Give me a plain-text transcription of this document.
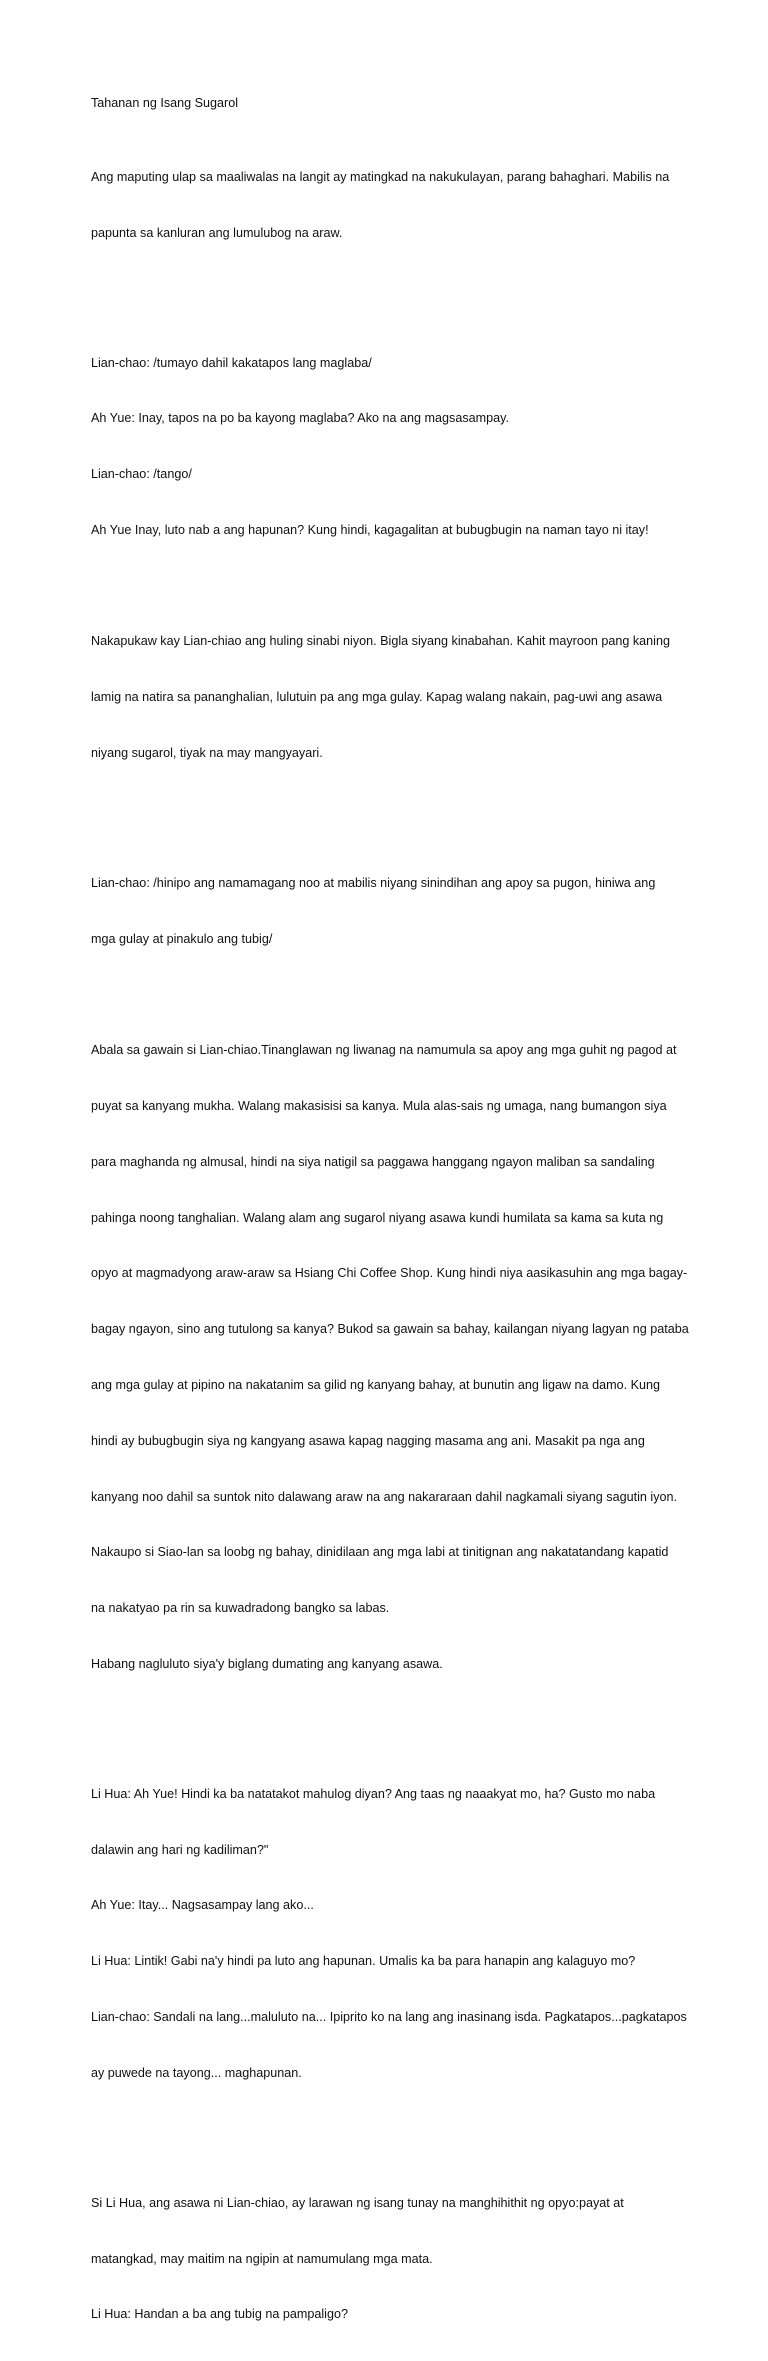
Tahanan ng Isang Sugarol

Ang maputing ulap sa maaliwalas na langit ay matingkad na nakukulayan, parang bahaghari. Mabilis na

papunta sa kanluran ang lumulubog na araw.

Lian-chao: /tumayo dahil kakatapos lang maglaba/

Ah Yue: Inay, tapos na po ba kayong maglaba? Ako na ang magsasampay.

Lian-chao: /tango/

Ah Yue Inay, luto nab a ang hapunan? Kung hindi, kagagalitan at bubugbugin na naman tayo ni itay!

Nakapukaw kay Lian-chiao ang huling sinabi niyon. Bigla siyang kinabahan. Kahit mayroon pang kaning

lamig na natira sa pananghalian, lulutuin pa ang mga gulay. Kapag walang nakain, pag-uwi ang asawa

niyang sugarol, tiyak na may mangyayari.

Lian-chao: /hinipo ang namamagang noo at mabilis niyang sinindihan ang apoy sa pugon, hiniwa ang

mga gulay at pinakulo ang tubig/

Abala sa gawain si Lian-chiao.Tinanglawan ng liwanag na namumula sa apoy ang mga guhit ng pagod at

puyat sa kanyang mukha. Walang makasisisi sa kanya. Mula alas-sais ng umaga, nang bumangon siya

para maghanda ng almusal, hindi na siya natigil sa paggawa hanggang ngayon maliban sa sandaling

pahinga noong tanghalian. Walang alam ang sugarol niyang asawa kundi humilata sa kama sa kuta ng

opyo at magmadyong araw-araw sa Hsiang Chi Coffee Shop. Kung hindi niya aasikasuhin ang mga bagay-

bagay ngayon, sino ang tutulong sa kanya? Bukod sa gawain sa bahay, kailangan niyang lagyan ng pataba

ang mga gulay at pipino na nakatanim sa gilid ng kanyang bahay, at bunutin ang ligaw na damo. Kung

hindi ay bubugbugin siya ng kangyang asawa kapag nagging masama ang ani. Masakit pa nga ang

kanyang noo dahil sa suntok nito dalawang araw na ang nakararaan dahil nagkamali siyang sagutin iyon.

Nakaupo si Siao-lan sa loobg ng bahay, dinidilaan ang mga labi at tinitignan ang nakatatandang kapatid

na nakatyao pa rin sa kuwadradong bangko sa labas.

Habang nagluluto siya'y biglang dumating ang kanyang asawa.

Li Hua: Ah Yue! Hindi ka ba natatakot mahulog diyan? Ang taas ng naaakyat mo, ha? Gusto mo naba

dalawin ang hari ng kadiliman?"

Ah Yue: Itay... Nagsasampay lang ako...

Li Hua: Lintik! Gabi na'y hindi pa luto ang hapunan. Umalis ka ba para hanapin ang kalaguyo mo?

Lian-chao: Sandali na lang...maluluto na... Ipiprito ko na lang ang inasinang isda. Pagkatapos...pagkatapos

ay puwede na tayong... maghapunan.

Si Li Hua, ang asawa ni Lian-chiao, ay larawan ng isang tunay na manghihithit ng opyo:payat at

matangkad, may maitim na ngipin at namumulang mga mata.

Li Hua: Handan a ba ang tubig na pampaligo?
